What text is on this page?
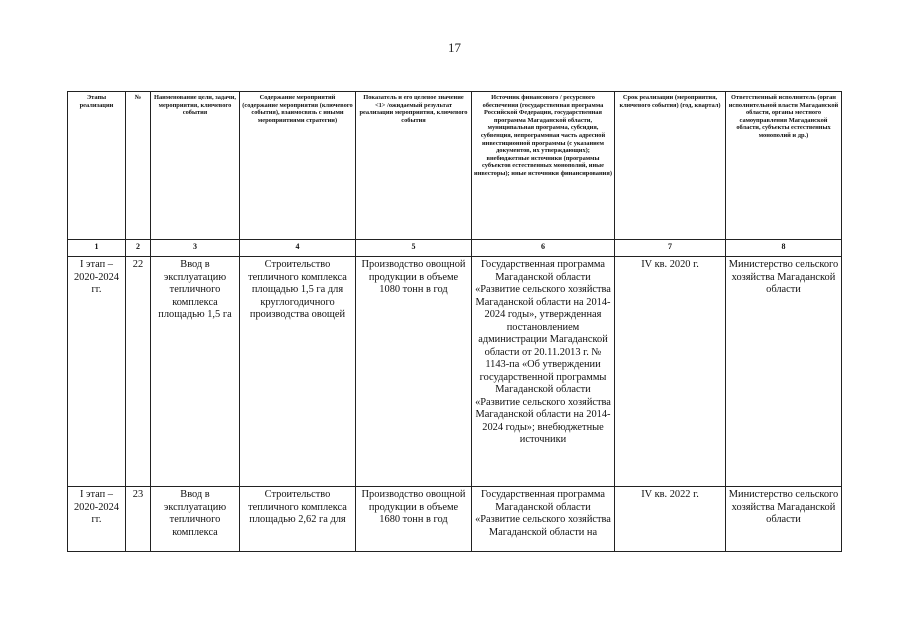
17
Этапы реализации	№	Наименование цели, задачи, мероприятия, ключевого события	Содержание мероприятий (содержание мероприятия (ключевого события), взаимосвязь с иными мероприятиями стратегии)	Показатель и его целевое значение <1> /ожидаемый результат реализации мероприятия, ключевого события	Источник финансового / ресурсного обеспечения (государственная программа Российской Федерации, государственная программа Магаданской области, муниципальная программа, субсидия, субвенция, непрограммная часть адресной инвестиционной программы (с указанием документов, их утверждающих); внебюджетные источники (программы субъектов естественных монополий, иные инвесторы); иные источники финансирования)	Срок реализации (мероприятия, ключевого события) (год, квартал)	Ответственный исполнитель (орган исполнительной власти Магаданской области, органы местного самоуправления Магаданской области, субъекты естественных монополий и др.)
1	2	3	4	5	6	7	8
I этап – 2020-2024 гг.	22	Ввод в эксплуатацию тепличного комплекса площадью 1,5 га	Строительство тепличного комплекса площадью 1,5 га для круглогодичного производства овощей	Производство овощной продукции в объеме 1080 тонн в год	Государственная программа Магаданской области «Развитие сельского хозяйства Магаданской области на 2014-2024 годы», утвержденная постановлением администрации Магаданской области от 20.11.2013 г. № 1143-па «Об утверждении государственной программы Магаданской области «Развитие сельского хозяйства Магаданской области на 2014-2024 годы»; внебюджетные источники	IV кв. 2020 г.	Министерство сельского хозяйства Магаданской области

I этап – 2020-2024 гг.	23	Ввод в эксплуатацию тепличного комплекса	Строительство тепличного комплекса площадью 2,62 га для	Производство овощной продукции в объеме 1680 тонн в год	Государственная программа Магаданской области «Развитие сельского хозяйства Магаданской области на	IV кв. 2022 г.	Министерство сельского хозяйства Магаданской области
